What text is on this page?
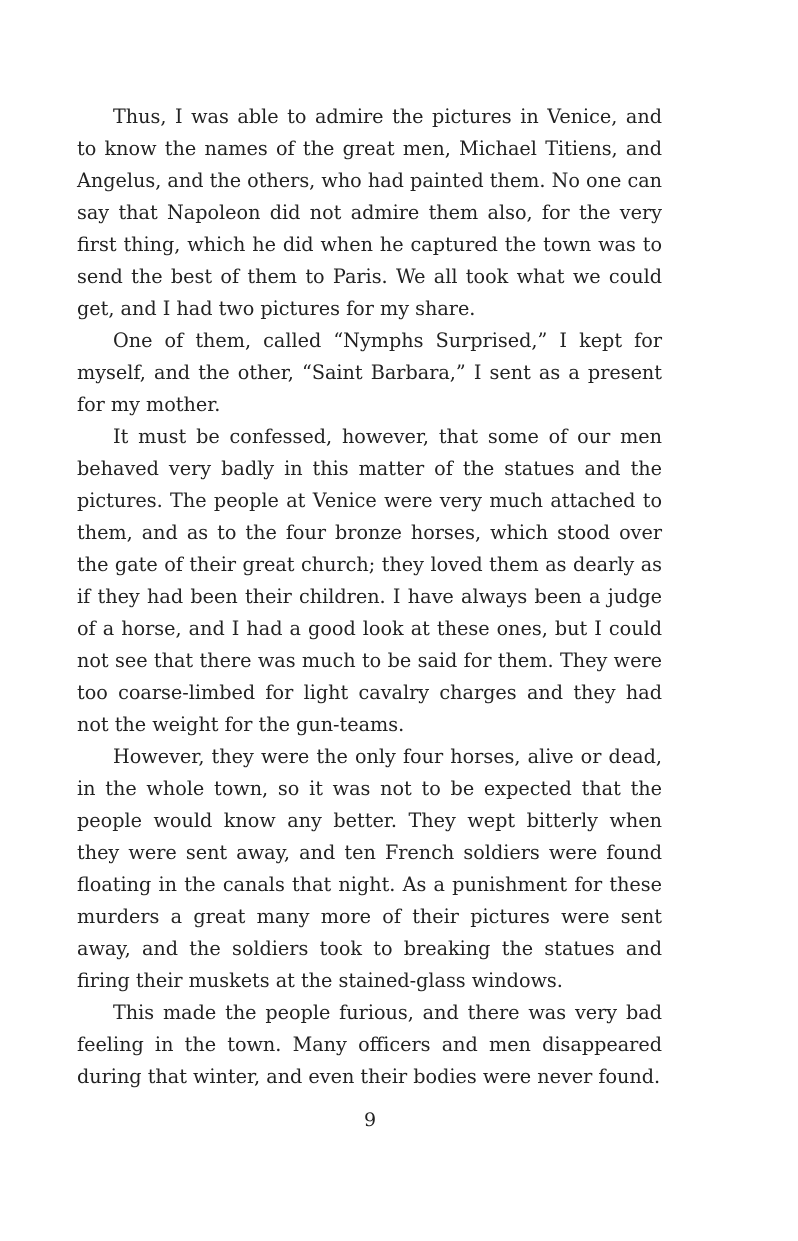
Thus, I was able to admire the pictures in Venice, and to know the names of the great men, Michael Titiens, and Angelus, and the others, who had painted them. No one can say that Napoleon did not admire them also, for the very first thing, which he did when he captured the town was to send the best of them to Paris. We all took what we could get, and I had two pictures for my share.

One of them, called “Nymphs Surprised,” I kept for myself, and the other, “Saint Barbara,” I sent as a present for my mother.

It must be confessed, however, that some of our men behaved very badly in this matter of the statues and the pictures. The people at Venice were very much attached to them, and as to the four bronze horses, which stood over the gate of their great church; they loved them as dearly as if they had been their children. I have always been a judge of a horse, and I had a good look at these ones, but I could not see that there was much to be said for them. They were too coarse-limbed for light cavalry charges and they had not the weight for the gun-teams.

However, they were the only four horses, alive or dead, in the whole town, so it was not to be expected that the people would know any better. They wept bitterly when they were sent away, and ten French soldiers were found floating in the canals that night. As a punishment for these murders a great many more of their pictures were sent away, and the soldiers took to breaking the statues and firing their muskets at the stained-glass windows.

This made the people furious, and there was very bad feeling in the town. Many officers and men disappeared during that winter, and even their bodies were never found.

9
